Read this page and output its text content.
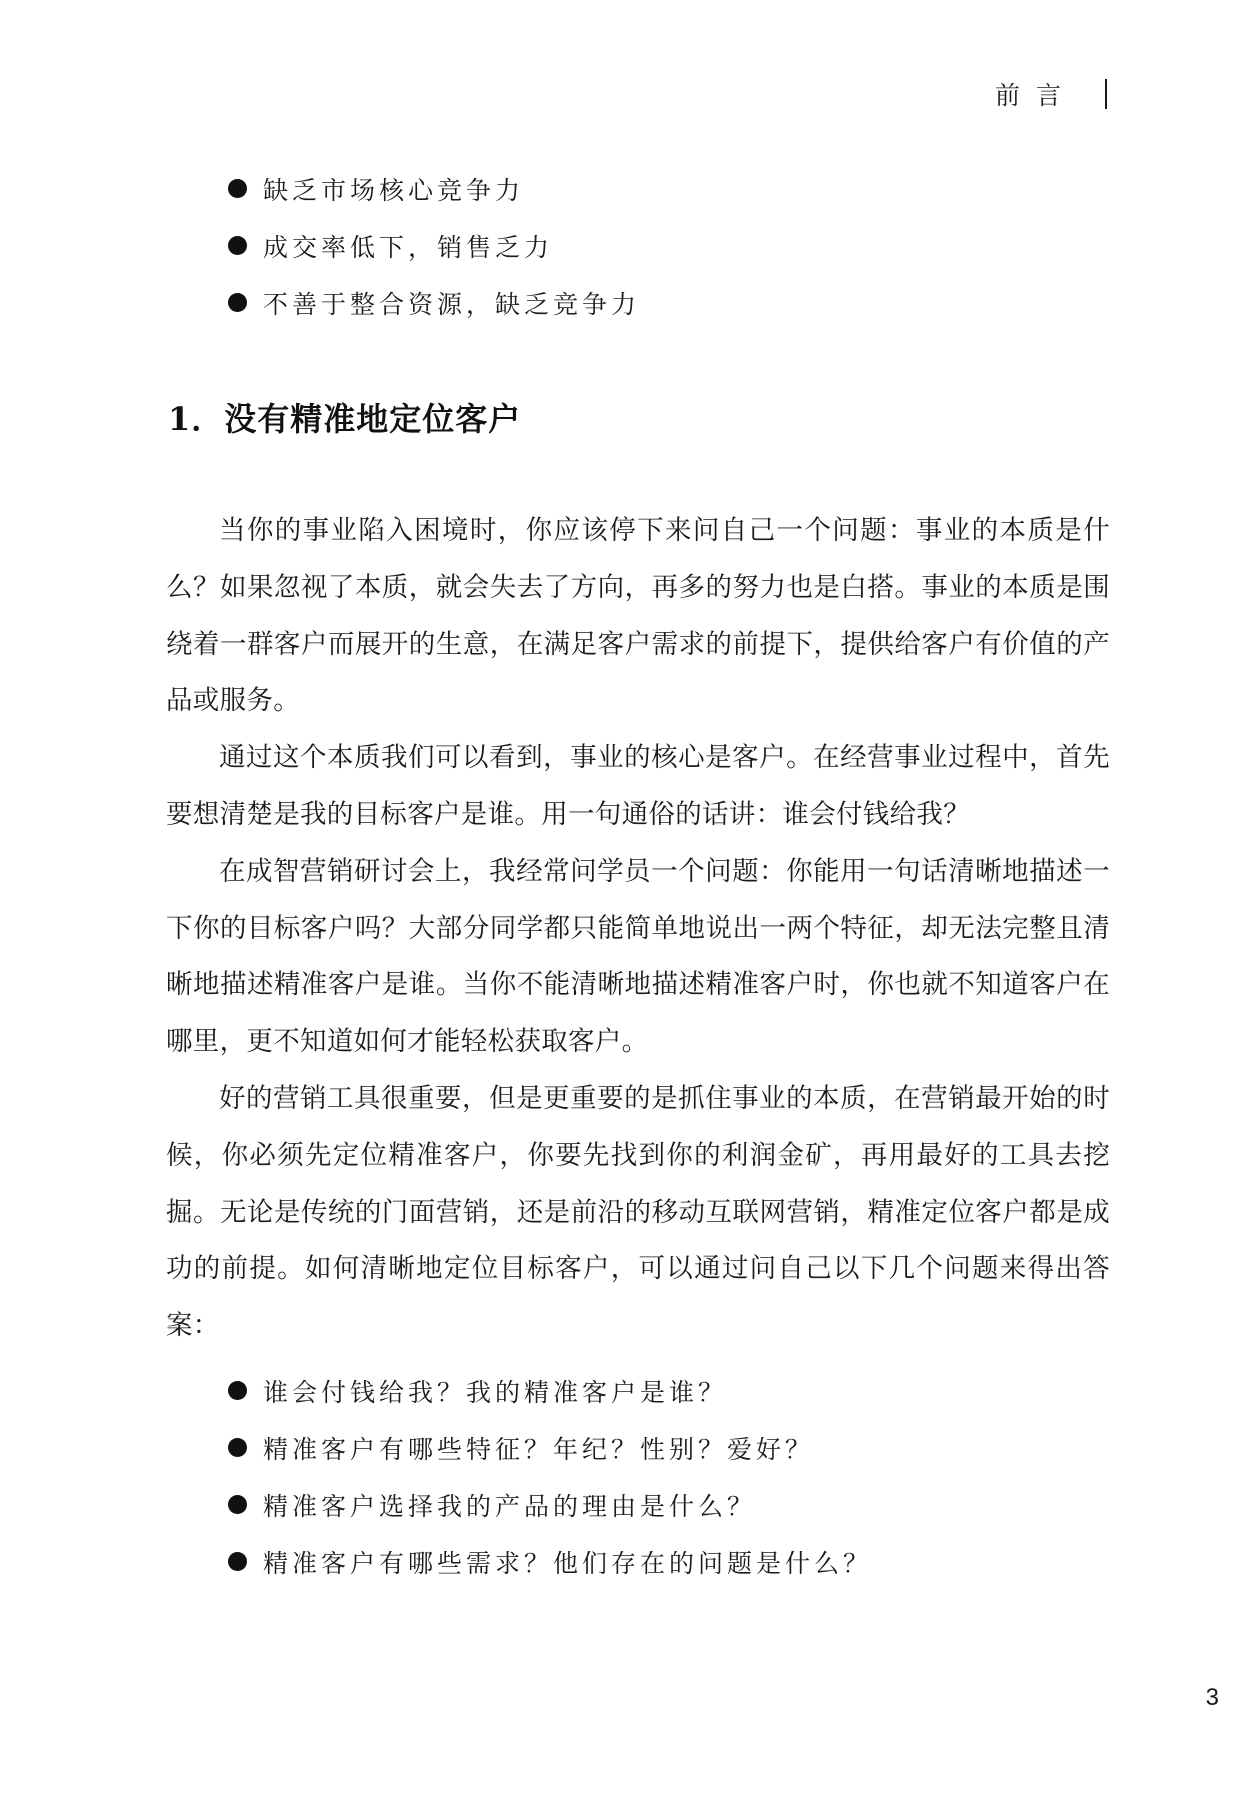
前言
缺乏市场核心竞争力
成交率低下，销售乏力
不善于整合资源，缺乏竞争力
1．没有精准地定位客户

当你的事业陷入困境时，你应该停下来问自己一个问题：事业的本质是什么？如果忽视了本质，就会失去了方向，再多的努力也是白搭。事业的本质是围绕着一群客户而展开的生意，在满足客户需求的前提下，提供给客户有价值的产品或服务。

通过这个本质我们可以看到，事业的核心是客户。在经营事业过程中，首先要想清楚是我的目标客户是谁。用一句通俗的话讲：谁会付钱给我？

在成智营销研讨会上，我经常问学员一个问题：你能用一句话清晰地描述一下你的目标客户吗？大部分同学都只能简单地说出一两个特征，却无法完整且清晰地描述精准客户是谁。当你不能清晰地描述精准客户时，你也就不知道客户在哪里，更不知道如何才能轻松获取客户。

好的营销工具很重要，但是更重要的是抓住事业的本质，在营销最开始的时候，你必须先定位精准客户，你要先找到你的利润金矿，再用最好的工具去挖掘。无论是传统的门面营销，还是前沿的移动互联网营销，精准定位客户都是成功的前提。如何清晰地定位目标客户，可以通过问自己以下几个问题来得出答案：

谁会付钱给我？我的精准客户是谁？
精准客户有哪些特征？年纪？性别？爱好？
精准客户选择我的产品的理由是什么？
精准客户有哪些需求？他们存在的问题是什么？
3
